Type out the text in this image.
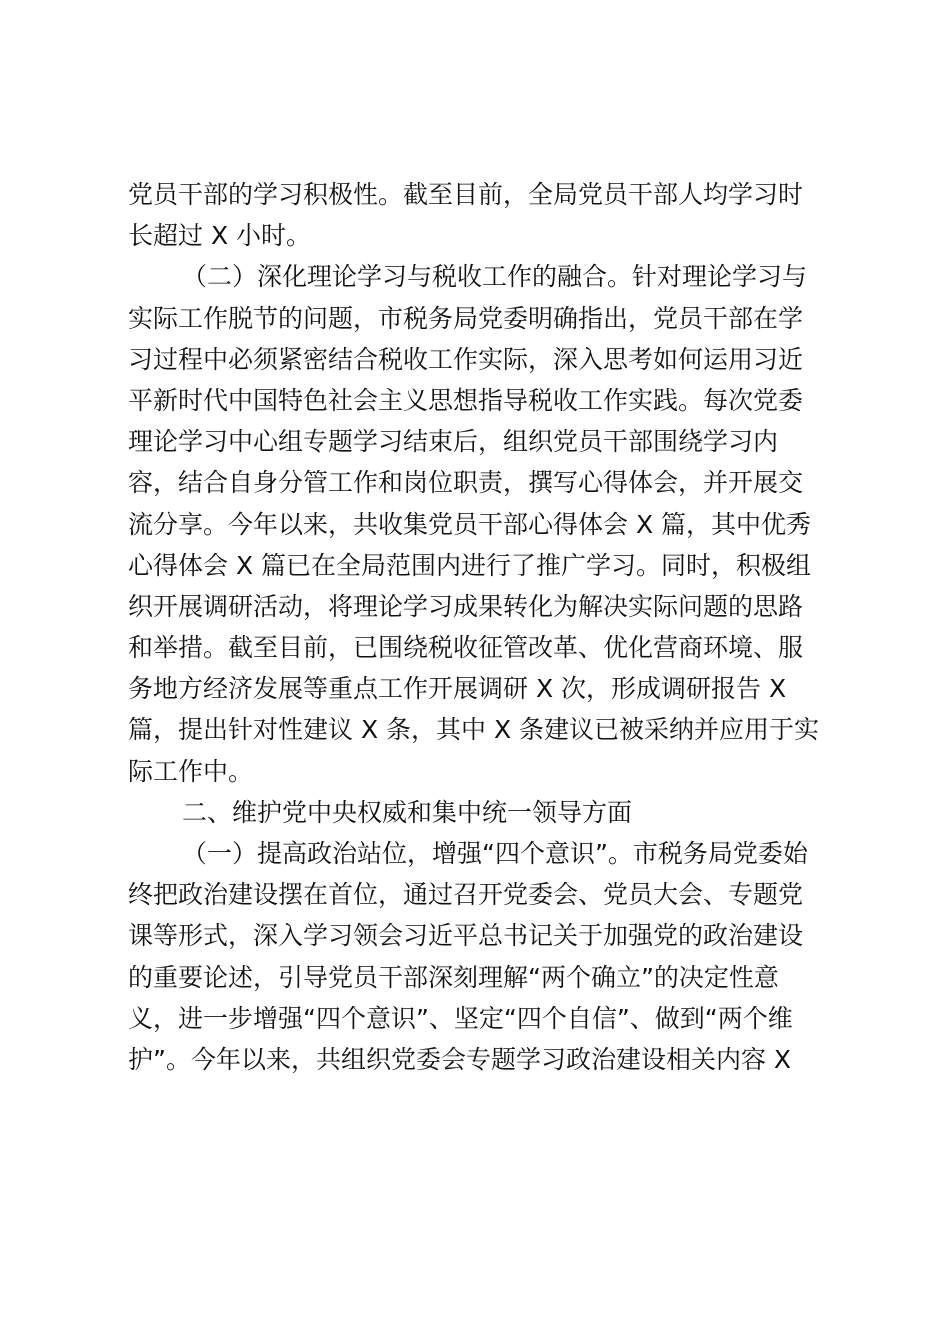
党员干部的学习积极性。截至目前，全局党员干部人均学习时
长超过 X 小时。
（二）深化理论学习与税收工作的融合。针对理论学习与
实际工作脱节的问题，市税务局党委明确指出，党员干部在学
习过程中必须紧密结合税收工作实际，深入思考如何运用习近
平新时代中国特色社会主义思想指导税收工作实践。每次党委
理论学习中心组专题学习结束后，组织党员干部围绕学习内
容，结合自身分管工作和岗位职责，撰写心得体会，并开展交
流分享。今年以来，共收集党员干部心得体会 X 篇，其中优秀
心得体会 X 篇已在全局范围内进行了推广学习。同时，积极组
织开展调研活动，将理论学习成果转化为解决实际问题的思路
和举措。截至目前，已围绕税收征管改革、优化营商环境、服
务地方经济发展等重点工作开展调研 X 次，形成调研报告 X
篇，提出针对性建议 X 条，其中 X 条建议已被采纳并应用于实
际工作中。
二、维护党中央权威和集中统一领导方面
（一）提高政治站位，增强“四个意识”。市税务局党委始
终把政治建设摆在首位，通过召开党委会、党员大会、专题党
课等形式，深入学习领会习近平总书记关于加强党的政治建设
的重要论述，引导党员干部深刻理解“两个确立”的决定性意
义，进一步增强“四个意识”、坚定“四个自信”、做到“两个维
护”。今年以来，共组织党委会专题学习政治建设相关内容 X
